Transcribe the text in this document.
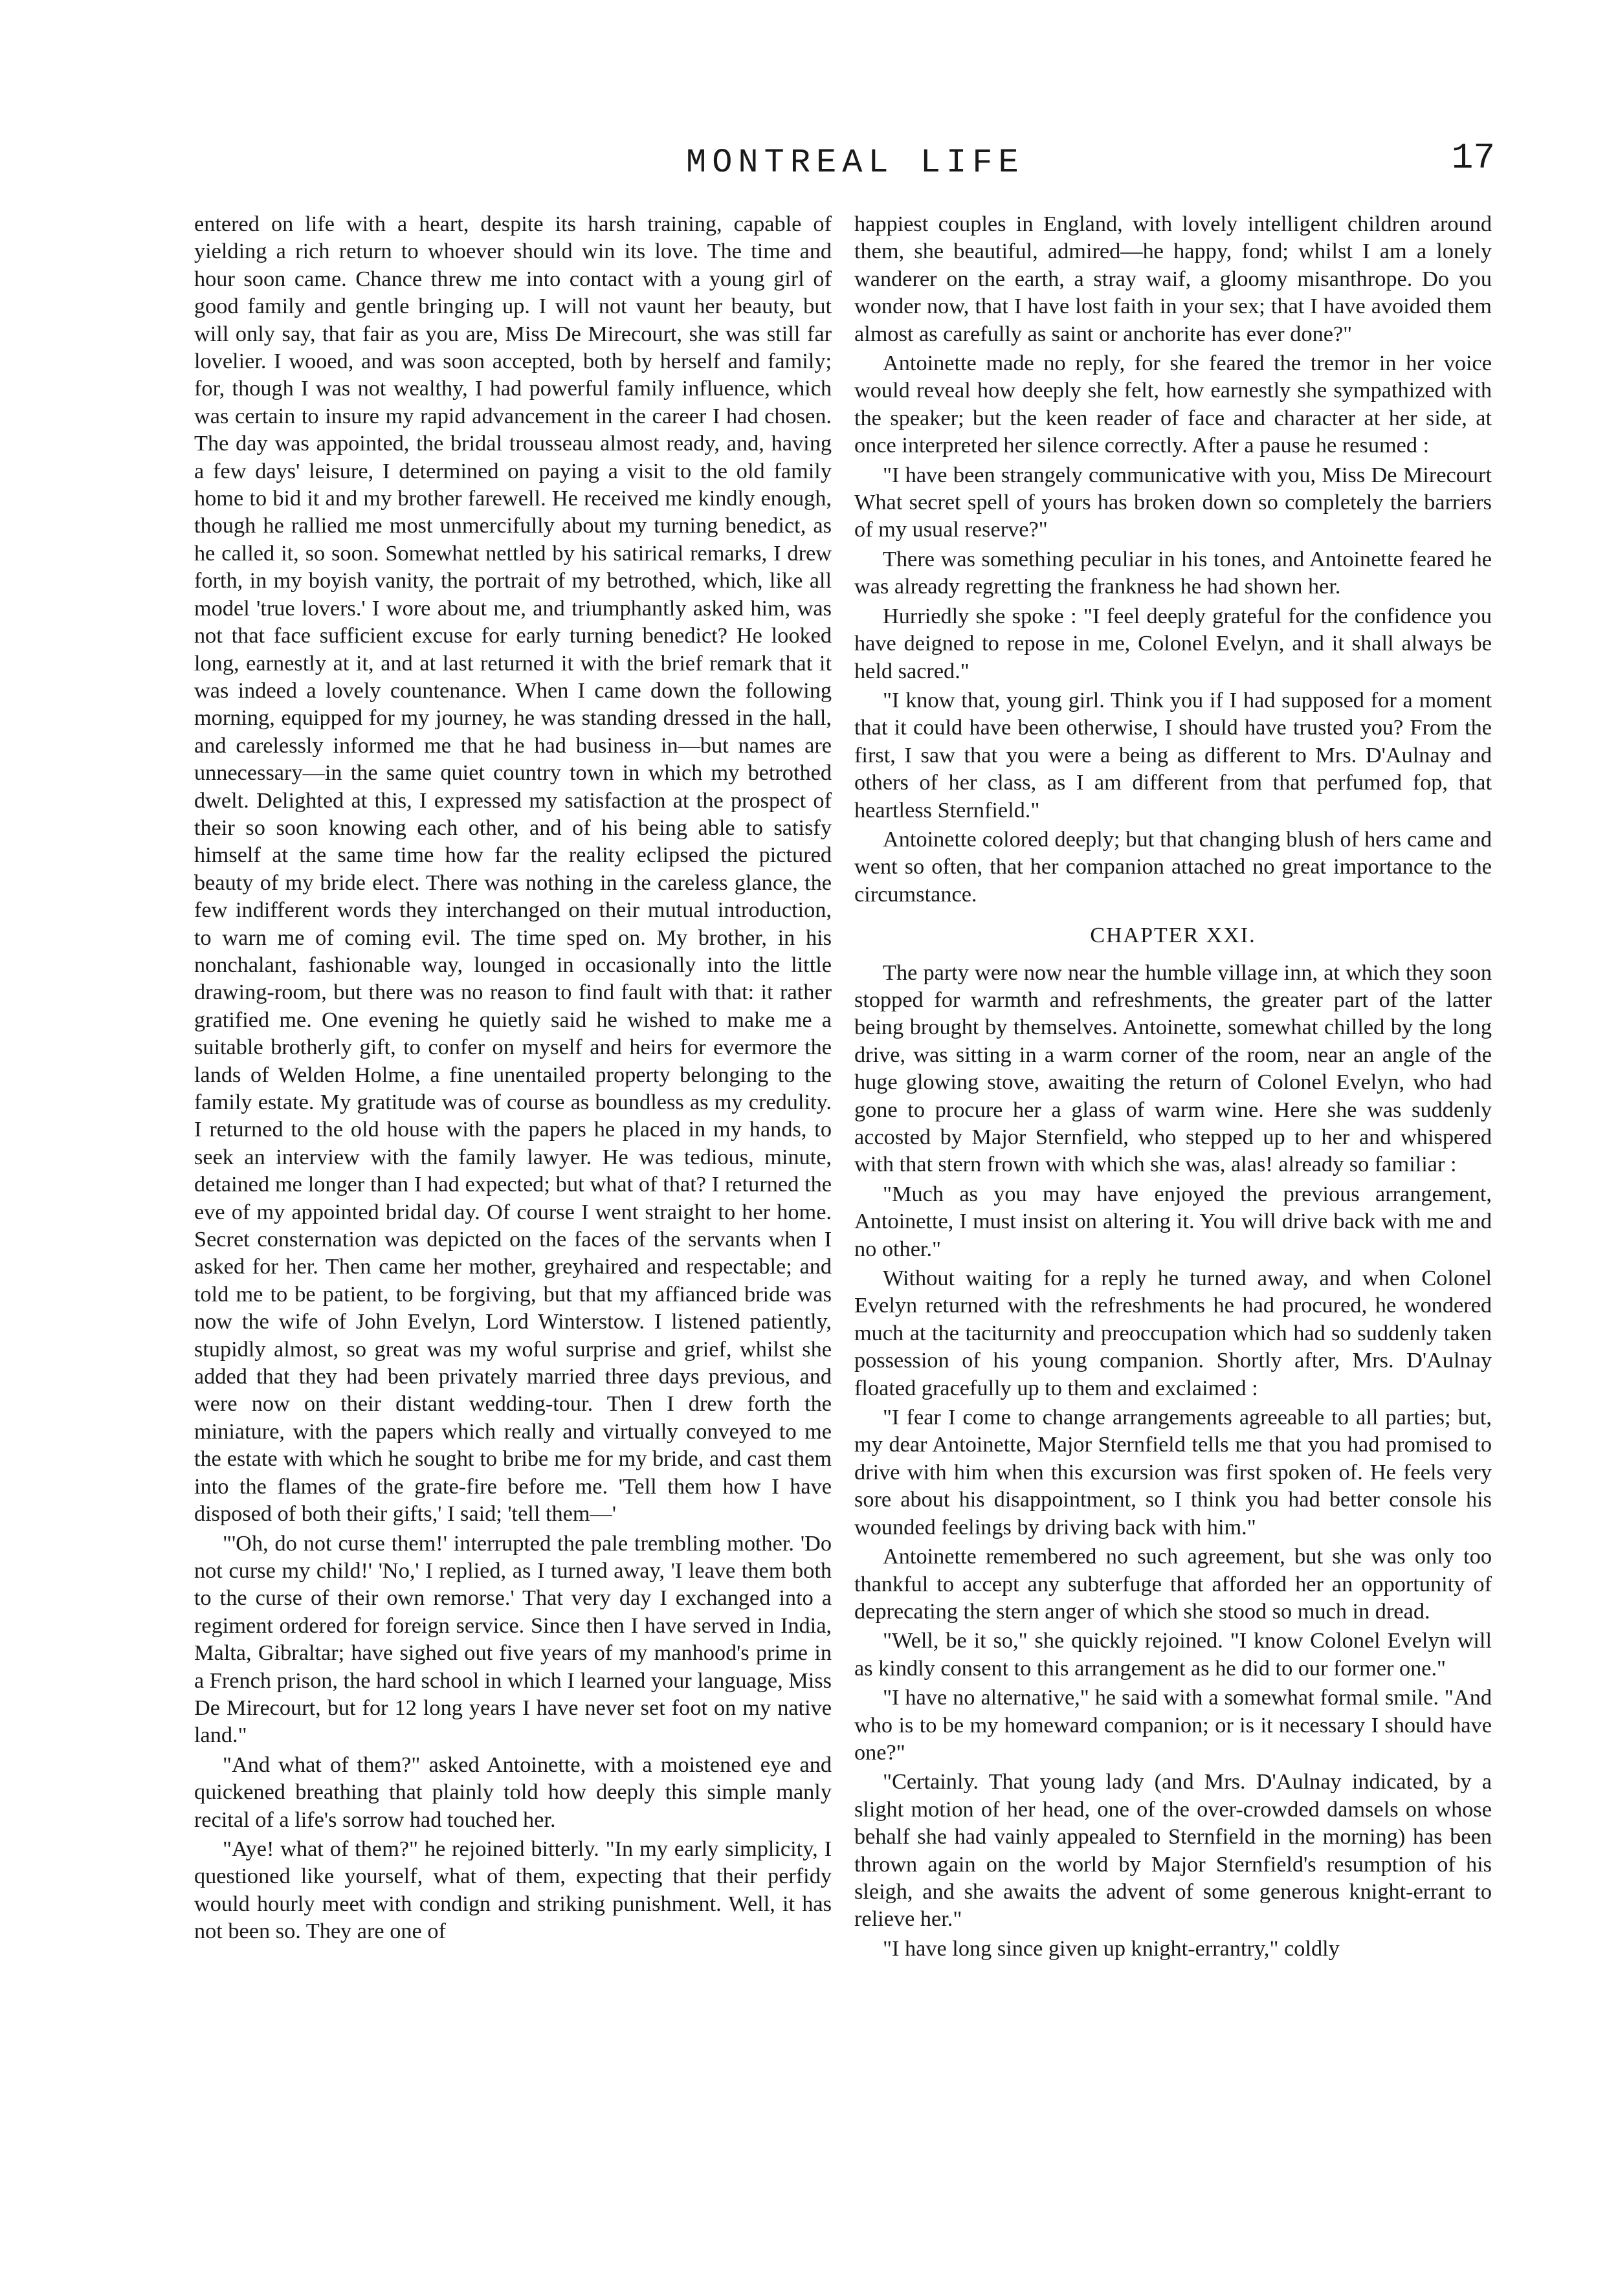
MONTREAL LIFE	17

entered on life with a heart, despite its harsh training, capable of yielding a rich return to whoever should win its love. The time and hour soon came. Chance threw me into contact with a young girl of good family and gentle bringing up. I will not vaunt her beauty, but will only say, that fair as you are, Miss De Mirecourt, she was still far lovelier. I wooed, and was soon accepted, both by herself and family; for, though I was not wealthy, I had powerful family influence, which was certain to insure my rapid advancement in the career I had chosen. The day was appointed, the bridal trousseau almost ready, and, having a few days' leisure, I determined on paying a visit to the old family home to bid it and my brother farewell. He received me kindly enough, though he rallied me most unmercifully about my turning benedict, as he called it, so soon. Somewhat nettled by his satirical remarks, I drew forth, in my boyish vanity, the portrait of my betrothed, which, like all model 'true lovers.' I wore about me, and triumphantly asked him, was not that face sufficient excuse for early turning benedict? He looked long, earnestly at it, and at last returned it with the brief remark that it was indeed a lovely countenance. When I came down the following morning, equipped for my journey, he was standing dressed in the hall, and carelessly informed me that he had business in—but names are unnecessary—in the same quiet country town in which my betrothed dwelt. Delighted at this, I expressed my satisfaction at the prospect of their so soon knowing each other, and of his being able to satisfy himself at the same time how far the reality eclipsed the pictured beauty of my bride elect. There was nothing in the careless glance, the few indifferent words they interchanged on their mutual introduction, to warn me of coming evil. The time sped on. My brother, in his nonchalant, fashionable way, lounged in occasionally into the little drawing-room, but there was no reason to find fault with that: it rather gratified me. One evening he quietly said he wished to make me a suitable brotherly gift, to confer on myself and heirs for evermore the lands of Welden Holme, a fine unentailed property belonging to the family estate. My gratitude was of course as boundless as my credulity. I returned to the old house with the papers he placed in my hands, to seek an interview with the family lawyer. He was tedious, minute, detained me longer than I had expected; but what of that? I returned the eve of my appointed bridal day. Of course I went straight to her home. Secret consternation was depicted on the faces of the servants when I asked for her. Then came her mother, greyhaired and respectable; and told me to be patient, to be forgiving, but that my affianced bride was now the wife of John Evelyn, Lord Winterstow. I listened patiently, stupidly almost, so great was my woful surprise and grief, whilst she added that they had been privately married three days previous, and were now on their distant wedding-tour. Then I drew forth the miniature, with the papers which really and virtually conveyed to me the estate with which he sought to bribe me for my bride, and cast them into the flames of the grate-fire before me. 'Tell them how I have disposed of both their gifts,' I said; 'tell them—'

"'Oh, do not curse them!' interrupted the pale trembling mother. 'Do not curse my child!' 'No,' I replied, as I turned away, 'I leave them both to the curse of their own remorse.' That very day I exchanged into a regiment ordered for foreign service. Since then I have served in India, Malta, Gibraltar; have sighed out five years of my manhood's prime in a French prison, the hard school in which I learned your language, Miss De Mirecourt, but for 12 long years I have never set foot on my native land."

"And what of them?" asked Antoinette, with a moistened eye and quickened breathing that plainly told how deeply this simple manly recital of a life's sorrow had touched her.

"Aye! what of them?" he rejoined bitterly. "In my early simplicity, I questioned like yourself, what of them, expecting that their perfidy would hourly meet with condign and striking punishment. Well, it has not been so. They are one of

happiest couples in England, with lovely intelligent children around them, she beautiful, admired—he happy, fond; whilst I am a lonely wanderer on the earth, a stray waif, a gloomy misanthrope. Do you wonder now, that I have lost faith in your sex; that I have avoided them almost as carefully as saint or anchorite has ever done?"

Antoinette made no reply, for she feared the tremor in her voice would reveal how deeply she felt, how earnestly she sympathized with the speaker; but the keen reader of face and character at her side, at once interpreted her silence correctly. After a pause he resumed :

"I have been strangely communicative with you, Miss De Mirecourt What secret spell of yours has broken down so completely the barriers of my usual reserve?"

There was something peculiar in his tones, and Antoinette feared he was already regretting the frankness he had shown her.

Hurriedly she spoke : "I feel deeply grateful for the confidence you have deigned to repose in me, Colonel Evelyn, and it shall always be held sacred."

"I know that, young girl. Think you if I had supposed for a moment that it could have been otherwise, I should have trusted you? From the first, I saw that you were a being as different to Mrs. D'Aulnay and others of her class, as I am different from that perfumed fop, that heartless Sternfield."

Antoinette colored deeply; but that changing blush of hers came and went so often, that her companion attached no great importance to the circumstance.

CHAPTER XXI.

The party were now near the humble village inn, at which they soon stopped for warmth and refreshments, the greater part of the latter being brought by themselves. Antoinette, somewhat chilled by the long drive, was sitting in a warm corner of the room, near an angle of the huge glowing stove, awaiting the return of Colonel Evelyn, who had gone to procure her a glass of warm wine. Here she was suddenly accosted by Major Sternfield, who stepped up to her and whispered with that stern frown with which she was, alas! already so familiar :

"Much as you may have enjoyed the previous arrangement, Antoinette, I must insist on altering it. You will drive back with me and no other."

Without waiting for a reply he turned away, and when Colonel Evelyn returned with the refreshments he had procured, he wondered much at the taciturnity and preoccupation which had so suddenly taken possession of his young companion. Shortly after, Mrs. D'Aulnay floated gracefully up to them and exclaimed :

"I fear I come to change arrangements agreeable to all parties; but, my dear Antoinette, Major Sternfield tells me that you had promised to drive with him when this excursion was first spoken of. He feels very sore about his disappointment, so I think you had better console his wounded feelings by driving back with him."

Antoinette remembered no such agreement, but she was only too thankful to accept any subterfuge that afforded her an opportunity of deprecating the stern anger of which she stood so much in dread.

"Well, be it so," she quickly rejoined. "I know Colonel Evelyn will as kindly consent to this arrangement as he did to our former one."

"I have no alternative," he said with a somewhat formal smile. "And who is to be my homeward companion; or is it necessary I should have one?"

"Certainly. That young lady (and Mrs. D'Aulnay indicated, by a slight motion of her head, one of the over-crowded damsels on whose behalf she had vainly appealed to Sternfield in the morning) has been thrown again on the world by Major Sternfield's resumption of his sleigh, and she awaits the advent of some generous knight-errant to relieve her."

"I have long since given up knight-errantry," coldly
